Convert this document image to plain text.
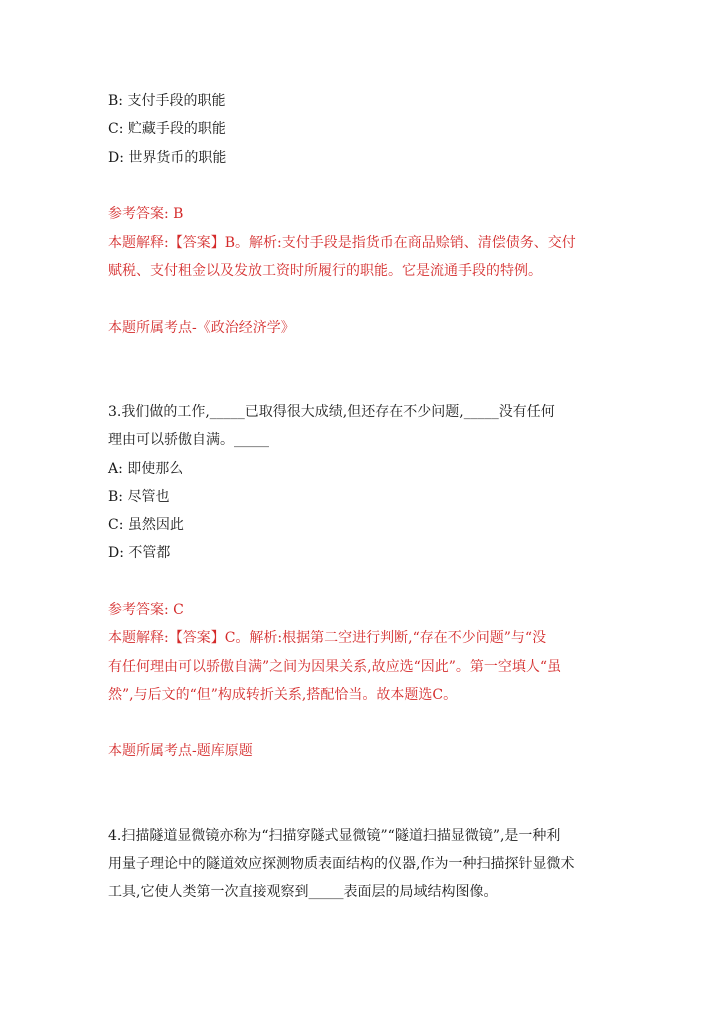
B: 支付手段的职能
C: 贮藏手段的职能
D: 世界货币的职能
参考答案: B
本题解释:【答案】B。解析:支付手段是指货币在商品赊销、清偿债务、交付
赋税、支付租金以及发放工资时所履行的职能。它是流通手段的特例。
本题所属考点-《政治经济学》
3.我们做的工作,_____已取得很大成绩,但还存在不少问题,_____没有任何
理由可以骄傲自满。_____
A: 即使那么
B: 尽管也
C: 虽然因此
D: 不管都
参考答案: C
本题解释:【答案】C。解析:根据第二空进行判断,“存在不少问题”与“没
有任何理由可以骄傲自满”之间为因果关系,故应选“因此”。第一空填人“虽
然”,与后文的“但”构成转折关系,搭配恰当。故本题选C。
本题所属考点-题库原题
4.扫描隧道显微镜亦称为“扫描穿隧式显微镜”“隧道扫描显微镜”,是一种利
用量子理论中的隧道效应探测物质表面结构的仪器,作为一种扫描探针显微术
工具,它使人类第一次直接观察到_____表面层的局域结构图像。
